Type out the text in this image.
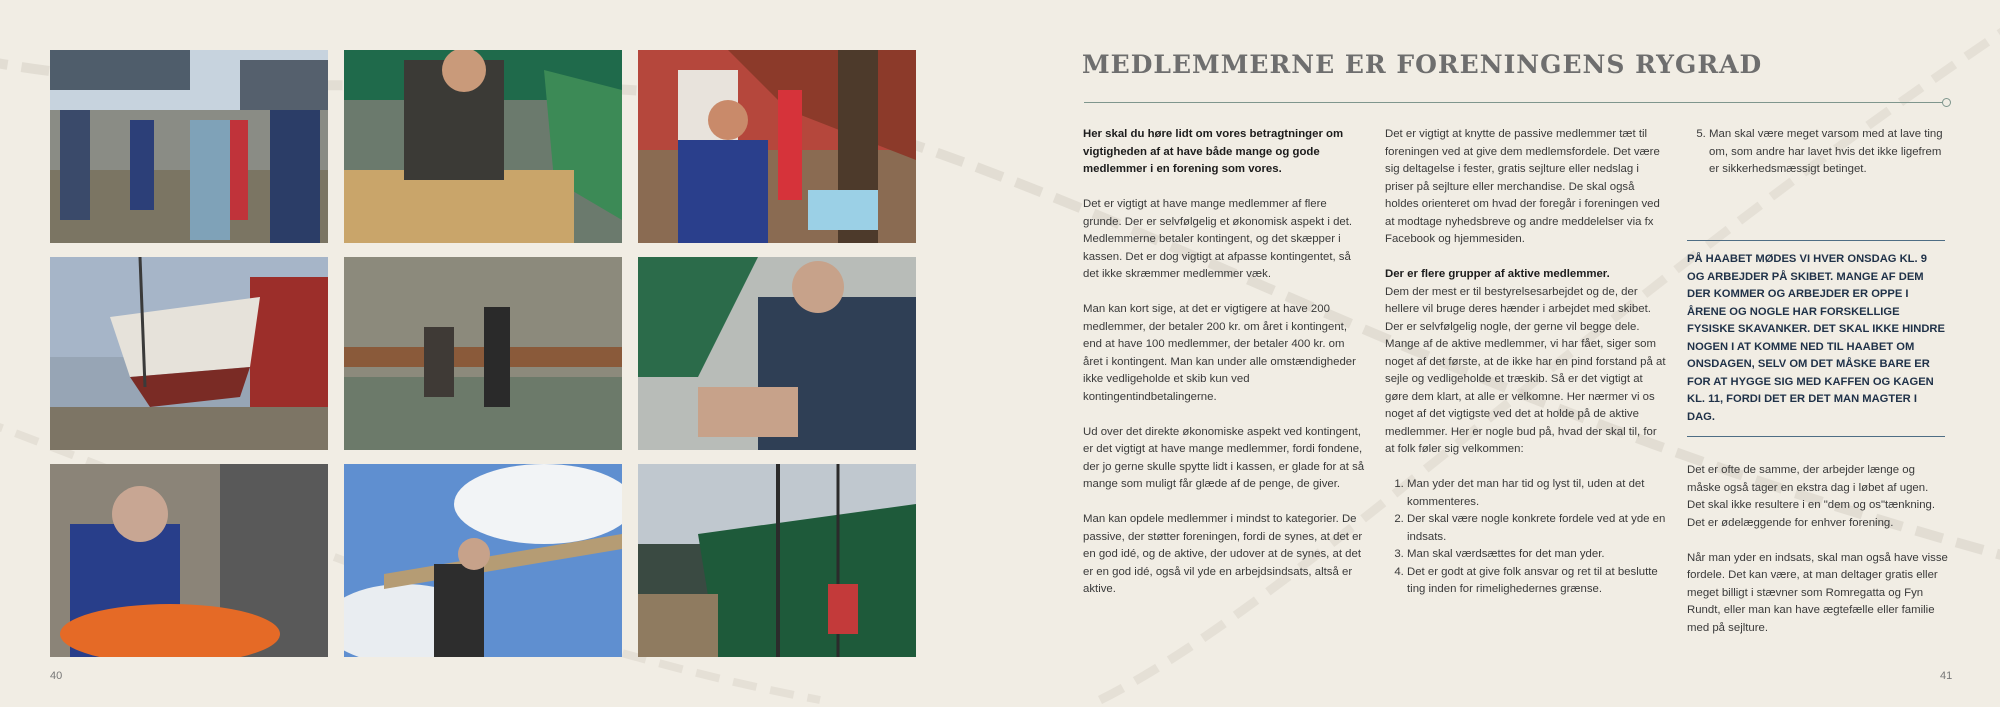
40
MEDLEMMERNE ER FORENINGENS RYGRAD

Her skal du høre lidt om vores betragtninger om vigtigheden af at have både mange og gode medlemmer i en forening som vores.

Det er vigtigt at have mange medlemmer af flere grunde. Der er selvfølgelig et økonomisk aspekt i det. Medlemmerne betaler kontingent, og det skæpper i kassen. Det er dog vigtigt at afpasse kontingentet, så det ikke skræmmer medlemmer væk.

Man kan kort sige, at det er vigtigere at have 200 medlemmer, der betaler 200 kr. om året i kontingent, end at have 100 medlemmer, der betaler 400 kr. om året i kontingent. Man kan under alle omstændigheder ikke vedligeholde et skib kun ved kontingentindbetalingerne.

Ud over det direkte økonomiske aspekt ved kontingent, er det vigtigt at have mange medlemmer, fordi fondene, der jo gerne skulle spytte lidt i kassen, er glade for at så mange som muligt får glæde af de penge, de giver.

Man kan opdele medlemmer i mindst to kategorier. De passive, der støtter foreningen, fordi de synes, at det er en god idé, og de aktive, der udover at de synes, at det er en god idé, også vil yde en arbejdsindsats, altså er aktive.

Det er vigtigt at knytte de passive medlemmer tæt til foreningen ved at give dem medlemsfordele. Det være sig deltagelse i fester, gratis sejlture eller nedslag i priser på sejlture eller merchandise. De skal også holdes orienteret om hvad der foregår i foreningen ved at modtage nyhedsbreve og andre meddelelser via fx Facebook og hjemmesiden.

Der er flere grupper af aktive medlemmer.
Dem der mest er til bestyrelsesarbejdet og de, der hellere vil bruge deres hænder i arbejdet med skibet. Der er selvfølgelig nogle, der gerne vil begge dele. Mange af de aktive medlemmer, vi har fået, siger som noget af det første, at de ikke har en pind forstand på at sejle og vedligeholde et træskib. Så er det vigtigt at gøre dem klart, at alle er velkomne. Her nærmer vi os noget af det vigtigste ved det at holde på de aktive medlemmer. Her er nogle bud på, hvad der skal til, for at folk føler sig velkommen:

1. Man yder det man har tid og lyst til, uden at det kommenteres.
2. Der skal være nogle konkrete fordele ved at yde en indsats.
3. Man skal værdsættes for det man yder.
4. Det er godt at give folk ansvar og ret til at beslutte ting inden for rimelighedernes grænse.
5. Man skal være meget varsom med at lave ting om, som andre har lavet hvis det ikke ligefrem er sikkerhedsmæssigt betinget.
PÅ HAABET MØDES VI HVER ONSDAG KL. 9 OG ARBEJDER PÅ SKIBET. MANGE AF DEM DER KOMMER OG ARBEJDER ER OPPE I ÅRENE OG NOGLE HAR FORSKELLIGE FYSISKE SKAVANKER. DET SKAL IKKE HINDRE NOGEN I AT KOMME NED TIL HAABET OM ONSDAGEN, SELV OM DET MÅSKE BARE ER FOR AT HYGGE SIG MED KAFFEN OG KAGEN KL. 11, FORDI DET ER DET MAN MAGTER I DAG.

Det er ofte de samme, der arbejder længe og måske også tager en ekstra dag i løbet af ugen. Det skal ikke resultere i en "dem og os"tænkning. Det er ødelæggende for enhver forening.

Når man yder en indsats, skal man også have visse fordele. Det kan være, at man deltager gratis eller meget billigt i stævner som Romregatta og Fyn Rundt, eller man kan have ægtefælle eller familie med på sejlture.

41
